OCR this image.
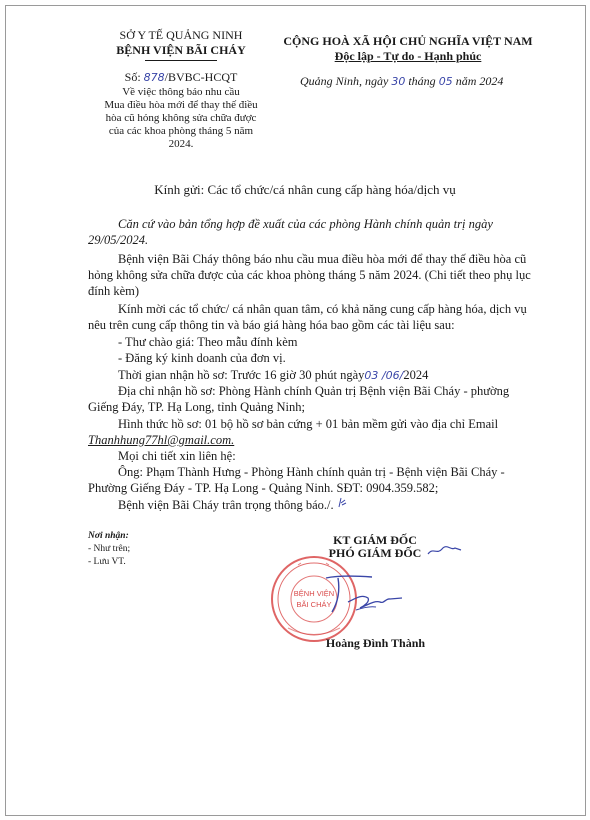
SỞ Y TẾ QUẢNG NINH
BỆNH VIỆN BÃI CHÁY
Số: 878/BVBC-HCQT
Về việc thông báo nhu cầu
Mua điều hòa mới để thay thế điều
hòa cũ hỏng không sửa chữa được
của các khoa phòng tháng 5 năm
2024.
CỘNG HOÀ XÃ HỘI CHỦ NGHĨA VIỆT NAM
Độc lập - Tự do - Hạnh phúc
Quảng Ninh, ngày 30 tháng 05 năm 2024
Kính gửi: Các tổ chức/cá nhân cung cấp hàng hóa/dịch vụ
Căn cứ vào bản tổng hợp đề xuất của các phòng Hành chính quản trị ngày 29/05/2024.
Bệnh viện Bãi Cháy thông báo nhu cầu mua điều hòa mới để thay thế điều hòa cũ hỏng không sửa chữa được của các khoa phòng tháng 5 năm 2024. (Chi tiết theo phụ lục đính kèm)
Kính mời các tổ chức/ cá nhân quan tâm, có khả năng cung cấp hàng hóa, dịch vụ nêu trên cung cấp thông tin và báo giá hàng hóa bao gồm các tài liệu sau:
- Thư chào giá: Theo mẫu đính kèm
- Đăng ký kinh doanh của đơn vị.
Thời gian nhận hồ sơ: Trước 16 giờ 30 phút ngày03 /06/2024
Địa chỉ nhận hồ sơ: Phòng Hành chính Quản trị Bệnh viện Bãi Cháy - phường Giếng Đáy, TP. Hạ Long, tỉnh Quảng Ninh;
Hình thức hồ sơ: 01 bộ hồ sơ bản cứng + 01 bản mềm gửi vào địa chỉ Email
Thanhhung77hl@gmail.com.
Mọi chi tiết xin liên hệ:
Ông: Phạm Thành Hưng - Phòng Hành chính quản trị - Bệnh viện Bãi Cháy - Phường Giếng Đáy - TP. Hạ Long - Quảng Ninh. SĐT: 0904.359.582;
Bệnh viện Bãi Cháy trân trọng thông báo./.
Nơi nhận:
- Như trên;
- Lưu VT.
KT GIÁM ĐỐC
PHÓ GIÁM ĐỐC
BỆNH VIỆN
BÃI CHÁY
Hoàng Đình Thành
